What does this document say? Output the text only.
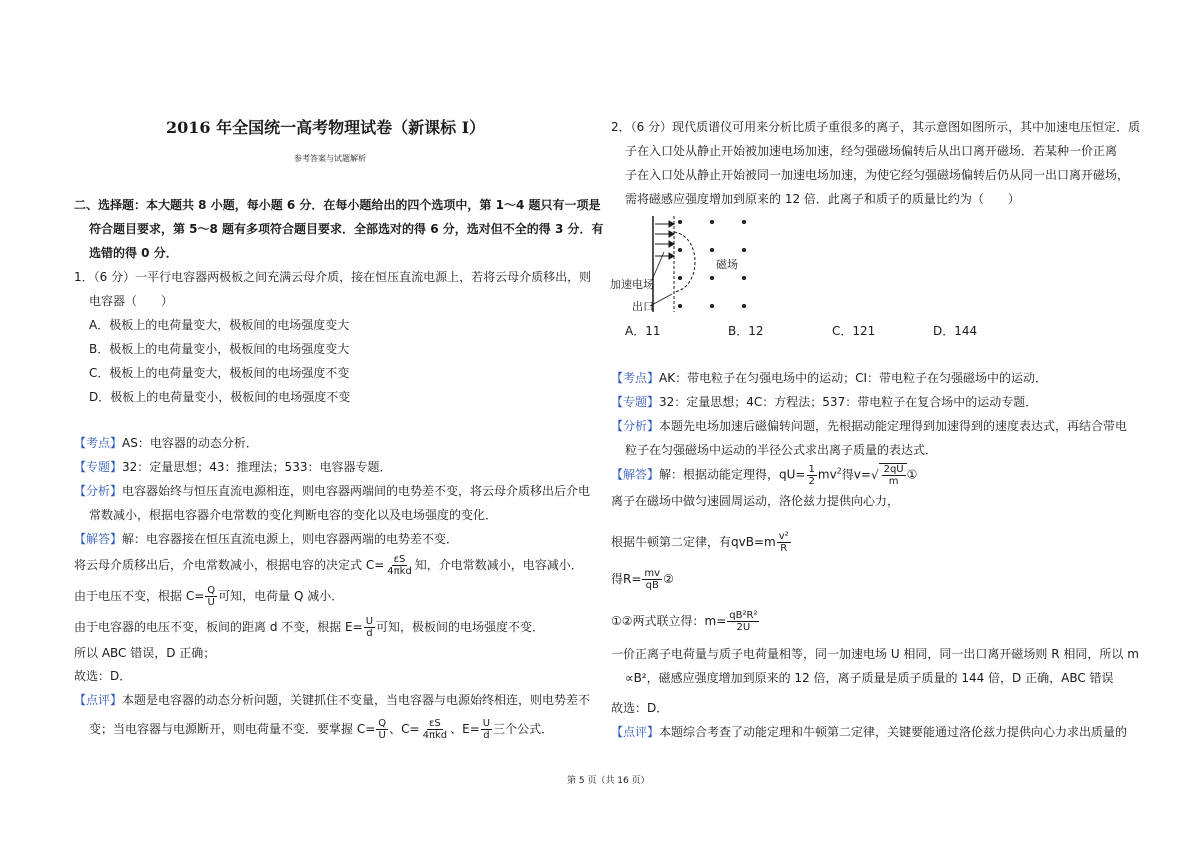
2016 年全国统一高考物理试卷（新课标 Ⅰ）
参考答案与试题解析
二、选择题：本大题共 8 小题，每小题 6 分．在每小题给出的四个选项中，第 1～4 题只有一项是
符合题目要求，第 5～8 题有多项符合题目要求．全部选对的得 6 分，选对但不全的得 3 分．有
选错的得 0 分．
1．（6 分）一平行电容器两极板之间充满云母介质，接在恒压直流电源上，若将云母介质移出，则
电容器（　　）
A．极板上的电荷量变大，极板间的电场强度变大
B．极板上的电荷量变小，极板间的电场强度变大
C．极板上的电荷量变大，极板间的电场强度不变
D．极板上的电荷量变小，极板间的电场强度不变
【考点】AS：电容器的动态分析．
【专题】32：定量思想；43：推理法；533：电容器专题．
【分析】电容器始终与恒压直流电源相连，则电容器两端间的电势差不变，将云母介质移出后介电
常数减小，根据电容器介电常数的变化判断电容的变化以及电场强度的变化．
【解答】解：电容器接在恒压直流电源上，则电容器两端的电势差不变．
将云母介质移出后，介电常数减小，根据电容的决定式 $C= \frac{\varepsilon S}{\text{4πkd}}$ 知，介电常数减小，电容减小．
由于电压不变，根据 $C= \frac{Q}{U}$ 可知，电荷量 Q 减小．
由于电容器的电压不变，板间的距离 d 不变，根据 $E= \frac{U}{d}$ 可知，极板间的电场强度不变．
所以 ABC 错误，D 正确；
故选：D．
【点评】本题是电容器的动态分析问题，关键抓住不变量，当电容器与电源始终相连，则电势差不
变；当电容器与电源断开，则电荷量不变．要掌握 $C= \frac{Q}{U}$ 、$C= \frac{\varepsilon S}{\text{4πkd}}$ 、$E= \frac{U}{d}$ 三个公式．
2．（6 分）现代质谱仪可用来分析比质子重很多的离子，其示意图如图所示，其中加速电压恒定．质
子在入口处从静止开始被加速电场加速，经匀强磁场偏转后从出口离开磁场．若某种一价正离
子在入口处从静止开始被同一加速电场加速，为使它经匀强磁场偏转后仍从同一出口离开磁场，
需将磁感应强度增加到原来的 12 倍．此离子和质子的质量比约为（　　）
加速电场
磁场
出口
A．11	B．12	C．121	D．144
【考点】AK：带电粒子在匀强电场中的运动；CI：带电粒子在匀强磁场中的运动．
【专题】32：定量思想；4C：方程法；537：带电粒子在复合场中的运动专题．
【分析】本题先电场加速后磁偏转问题，先根据动能定理得到加速得到的速度表达式，再结合带电
粒子在匀强磁场中运动的半径公式求出离子质量的表达式．
【解答】解：根据动能定理得，$qU= \frac{1}{2} mv^2$得$v=√ \frac{2qU}{m}$ ①
离子在磁场中做匀速圆周运动，洛伦兹力提供向心力，
根据牛顿第二定律，有$qvB=m \frac{\text{v²}}{R}$
得$R= \frac{mv}{qB}$ ②
①②两式联立得：$m= \frac{\text{qB²R²}}{2U}$
一价正离子电荷量与质子电荷量相等，同一加速电场 U 相同，同一出口离开磁场则 R 相同，所以 m
∝B²，磁感应强度增加到原来的 12 倍，离子质量是质子质量的 144 倍，D 正确，ABC 错误
故选：D．
【点评】本题综合考查了动能定理和牛顿第二定律，关键要能通过洛伦兹力提供向心力求出质量的
第 5 页（共 16 页）
